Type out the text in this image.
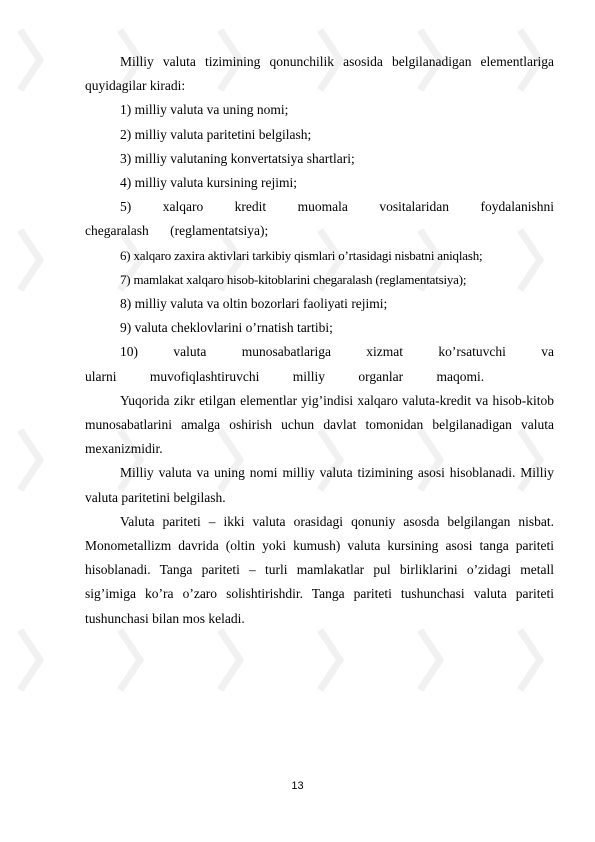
Milliy valuta tizimining qonunchilik asosida belgilanadigan elementlariga quyidagilar kiradi:

1) milliy valuta va uning nomi;

2) milliy valuta paritetini belgilash;

3) milliy valutaning konvertatsiya shartlari;

4) milliy valuta kursining rejimi;

5) xalqaro kredit muomala vositalaridan foydalanishni chegaralash (reglamentatsiya);

6) xalqaro zaxira aktivlari tarkibiy qismlari o’rtasidagi nisbatni aniqlash;

7) mamlakat xalqaro hisob-kitoblarini chegaralash (reglamentatsiya);

8) milliy valuta va oltin bozorlari faoliyati rejimi;

9) valuta cheklovlarini o’rnatish tartibi;

10) valuta munosabatlariga xizmat ko’rsatuvchi va ularni muvofiqlashtiruvchi milliy organlar maqomi.

Yuqorida zikr etilgan elementlar yig’indisi xalqaro valuta-kredit va hisob-kitob munosabatlarini amalga oshirish uchun davlat tomonidan belgilanadigan valuta mexanizmidir.

Milliy valuta va uning nomi milliy valuta tizimining asosi hisoblanadi. Milliy valuta paritetini belgilash.

Valuta pariteti – ikki valuta orasidagi qonuniy asosda belgilangan nisbat. Monometallizm davrida (oltin yoki kumush) valuta kursining asosi tanga pariteti hisoblanadi. Tanga pariteti – turli mamlakatlar pul birliklarini o’zidagi metall sig’imiga ko’ra o’zaro solishtirishdir. Tanga pariteti tushunchasi valuta pariteti tushunchasi bilan mos keladi.

13
